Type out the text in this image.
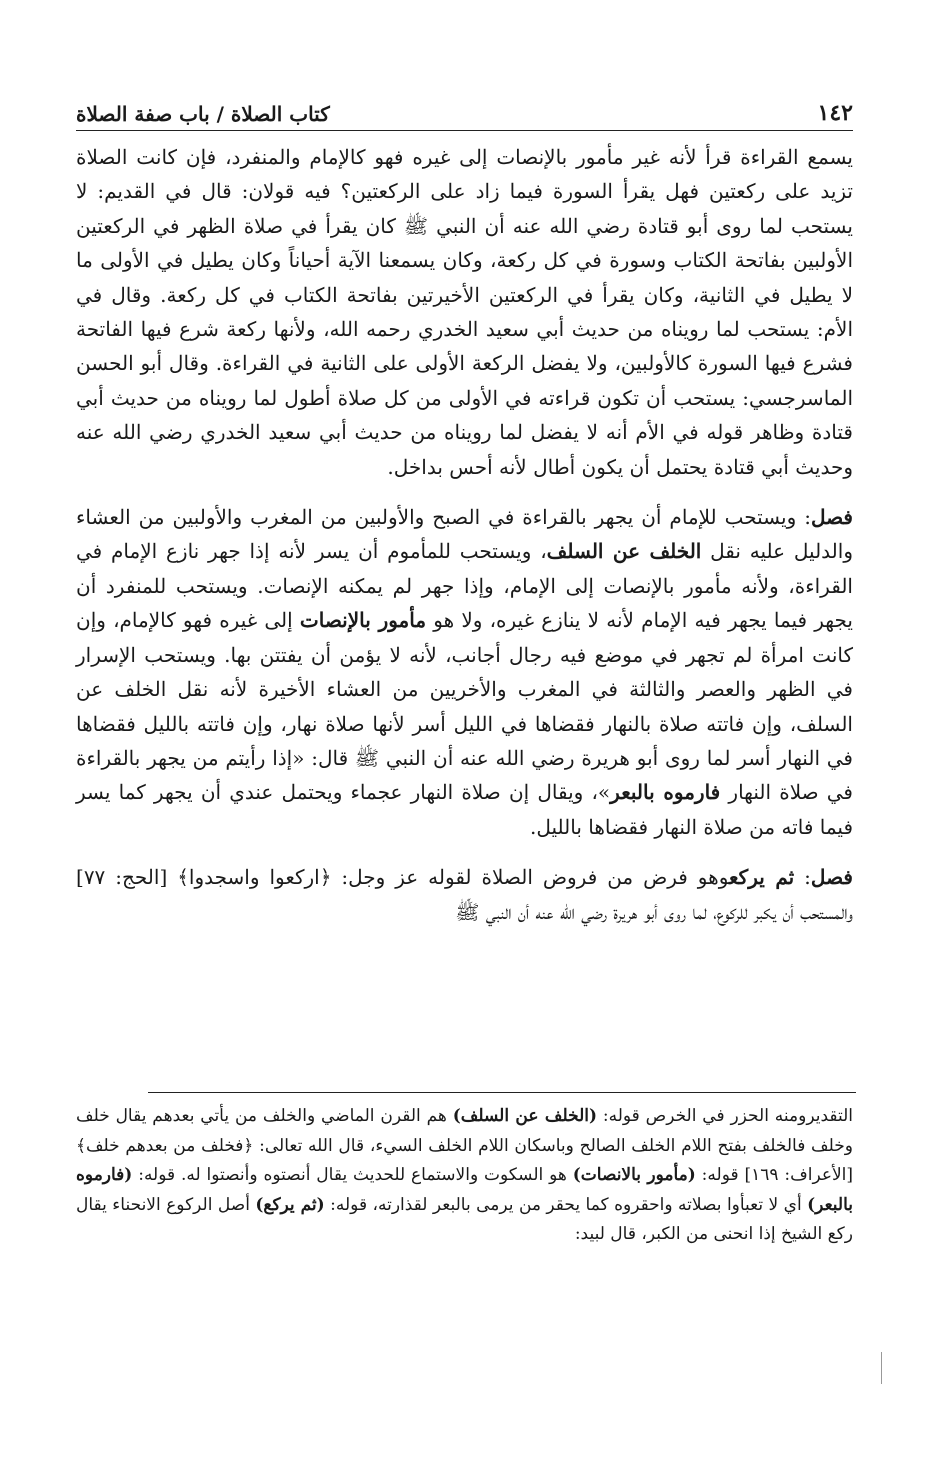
١٤٢
كتاب الصلاة / باب صفة الصلاة

يسمع القراءة قرأ لأنه غير مأمور بالإنصات إلى غيره فهو كالإمام والمنفرد، فإن كانت الصلاة تزيد على ركعتين فهل يقرأ السورة فيما زاد على الركعتين؟ فيه قولان: قال في القديم: لا يستحب لما روى أبو قتادة رضي الله عنه أن النبي ﷺ كان يقرأ في صلاة الظهر في الركعتين الأولبين بفاتحة الكتاب وسورة في كل ركعة، وكان يسمعنا الآية أحياناً وكان يطيل في الأولى ما لا يطيل في الثانية، وكان يقرأ في الركعتين الأخيرتين بفاتحة الكتاب في كل ركعة. وقال في الأم: يستحب لما رويناه من حديث أبي سعيد الخدري رحمه الله، ولأنها ركعة شرع فيها الفاتحة فشرع فيها السورة كالأولبين، ولا يفضل الركعة الأولى على الثانية في القراءة. وقال أبو الحسن الماسرجسي: يستحب أن تكون قراءته في الأولى من كل صلاة أطول لما رويناه من حديث أبي قتادة وظاهر قوله في الأم أنه لا يفضل لما رويناه من حديث أبي سعيد الخدري رضي الله عنه وحديث أبي قتادة يحتمل أن يكون أطال لأنه أحس بداخل.

فصل: ويستحب للإمام أن يجهر بالقراءة في الصبح والأولبين من المغرب والأولبين من العشاء والدليل عليه نقل الخلف عن السلف، ويستحب للمأموم أن يسر لأنه إذا جهر نازع الإمام في القراءة، ولأنه مأمور بالإنصات إلى الإمام، وإذا جهر لم يمكنه الإنصات. ويستحب للمنفرد أن يجهر فيما يجهر فيه الإمام لأنه لا ينازع غيره، ولا هو مأمور بالإنصات إلى غيره فهو كالإمام، وإن كانت امرأة لم تجهر في موضع فيه رجال أجانب، لأنه لا يؤمن أن يفتتن بها. ويستحب الإسرار في الظهر والعصر والثالثة في المغرب والأخريين من العشاء الأخيرة لأنه نقل الخلف عن السلف، وإن فاتته صلاة بالنهار فقضاها في الليل أسر لأنها صلاة نهار، وإن فاتته بالليل فقضاها في النهار أسر لما روى أبو هريرة رضي الله عنه أن النبي ﷺ قال: «إذا رأيتم من يجهر بالقراءة في صلاة النهار فارموه بالبعر»، ويقال إن صلاة النهار عجماء ويحتمل عندي أن يجهر كما يسر فيما فاته من صلاة النهار فقضاها بالليل.

فصل: ثم يركعوهو فرض من فروض الصلاة لقوله عز وجل: ﴿اركعوا واسجدوا﴾ [الحج: ٧٧] والمستحب أن يكبر للركوع، لما روى أبو هريرة رضي الله عنه أن النبي ﷺ

التقديرومنه الحزر في الخرص قوله: (الخلف عن السلف) هم القرن الماضي والخلف من يأتي بعدهم يقال خلف وخلف فالخلف بفتح اللام الخلف الصالح وباسكان اللام الخلف السيء، قال الله تعالى: ﴿فخلف من بعدهم خلف﴾[الأعراف: ١٦٩] قوله: (مأمور بالانصات) هو السكوت والاستماع للحديث يقال أنصتوه وأنصتوا له. قوله: (فارموه بالبعر) أي لا تعبأوا بصلاته واحقروه كما يحقر من يرمى بالبعر لقذارته، قوله: (ثم يركع) أصل الركوع الانحناء يقال ركع الشيخ إذا انحنى من الكبر، قال لبيد:
